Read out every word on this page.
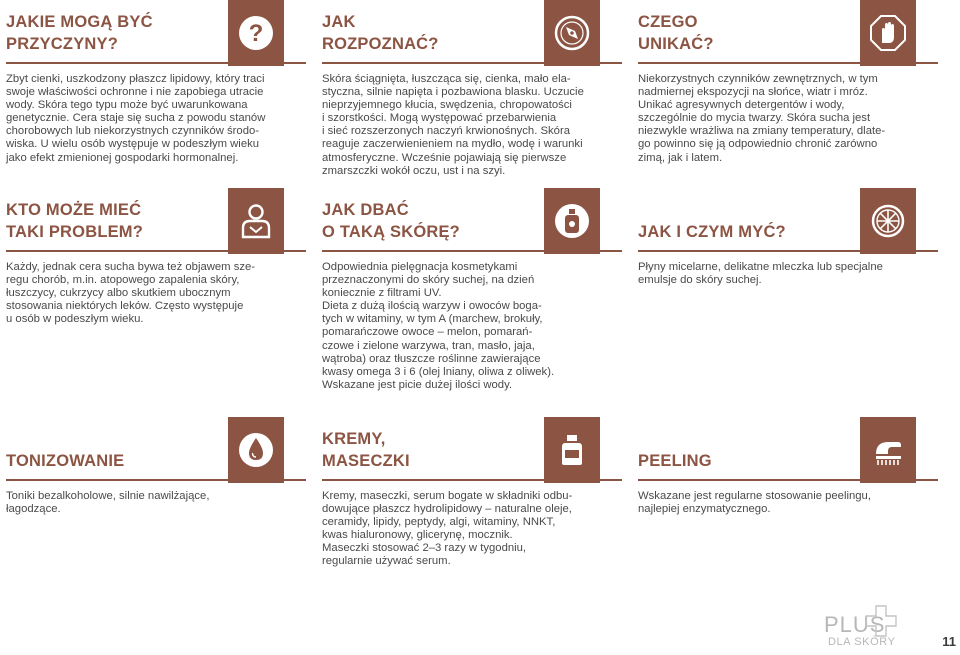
JAKIE MOGĄ BYĆ
PRZYCZYNY?	?

Zbyt cienki, uszkodzony płaszcz lipidowy, który traci
swoje właściwości ochronne i nie zapobiega utracie
wody. Skóra tego typu może być uwarunkowana
genetycznie. Cera staje się sucha z powodu stanów
chorobowych lub niekorzystnych czynników środo-
wiska. U wielu osób występuje w podeszłym wieku
jako efekt zmienionej gospodarki hormonalnej.

JAK
ROZPOZNAĆ?

Skóra ściągnięta, łuszcząca się, cienka, mało ela-
styczna, silnie napięta i pozbawiona blasku. Uczucie
nieprzyjemnego kłucia, swędzenia, chropowatości
i szorstkości. Mogą występować przebarwienia
i sieć rozszerzonych naczyń krwionośnych. Skóra
reaguje zaczerwienieniem na mydło, wodę i warunki
atmosferyczne. Wcześnie pojawiają się pierwsze
zmarszczki wokół oczu, ust i na szyi.

CZEGO
UNIKAĆ?

Niekorzystnych czynników zewnętrznych, w tym
nadmiernej ekspozycji na słońce, wiatr i mróz.
Unikać agresywnych detergentów i wody,
szczególnie do mycia twarzy. Skóra sucha jest
niezwykle wrażliwa na zmiany temperatury, dlate-
go powinno się ją odpowiednio chronić zarówno
zimą, jak i latem.

KTO MOŻE MIEĆ
TAKI PROBLEM?

Każdy, jednak cera sucha bywa też objawem sze-
regu chorób, m.in. atopowego zapalenia skóry,
łuszczycy, cukrzycy albo skutkiem ubocznym
stosowania niektórych leków. Często występuje
u osób w podeszłym wieku.

JAK DBAĆ
O TAKĄ SKÓRĘ?

Odpowiednia pielęgnacja kosmetykami
przeznaczonymi do skóry suchej, na dzień
koniecznie z filtrami UV.
Dieta z dużą ilością warzyw i owoców boga-
tych w witaminy, w tym A (marchew, brokuły,
pomarańczowe owoce – melon, pomarań-
czowe i zielone warzywa, tran, masło, jaja,
wątroba) oraz tłuszcze roślinne zawierające
kwasy omega 3 i 6 (olej lniany, oliwa z oliwek).
Wskazane jest picie dużej ilości wody.

JAK I CZYM MYĆ?

Płyny micelarne, delikatne mleczka lub specjalne
emulsje do skóry suchej.

TONIZOWANIE

Toniki bezalkoholowe, silnie nawilżające,
łagodzące.

KREMY,
MASECZKI

Kremy, maseczki, serum bogate w składniki odbu-
dowujące płaszcz hydrolipidowy – naturalne oleje,
ceramidy, lipidy, peptydy, algi, witaminy, NNKT,
kwas hialuronowy, glicerynę, mocznik.
Maseczki stosować 2–3 razy w tygodniu,
regularnie używać serum.

PEELING

Wskazane jest regularne stosowanie peelingu,
najlepiej enzymatycznego.

PLUS
DLA SKÓRY	11
